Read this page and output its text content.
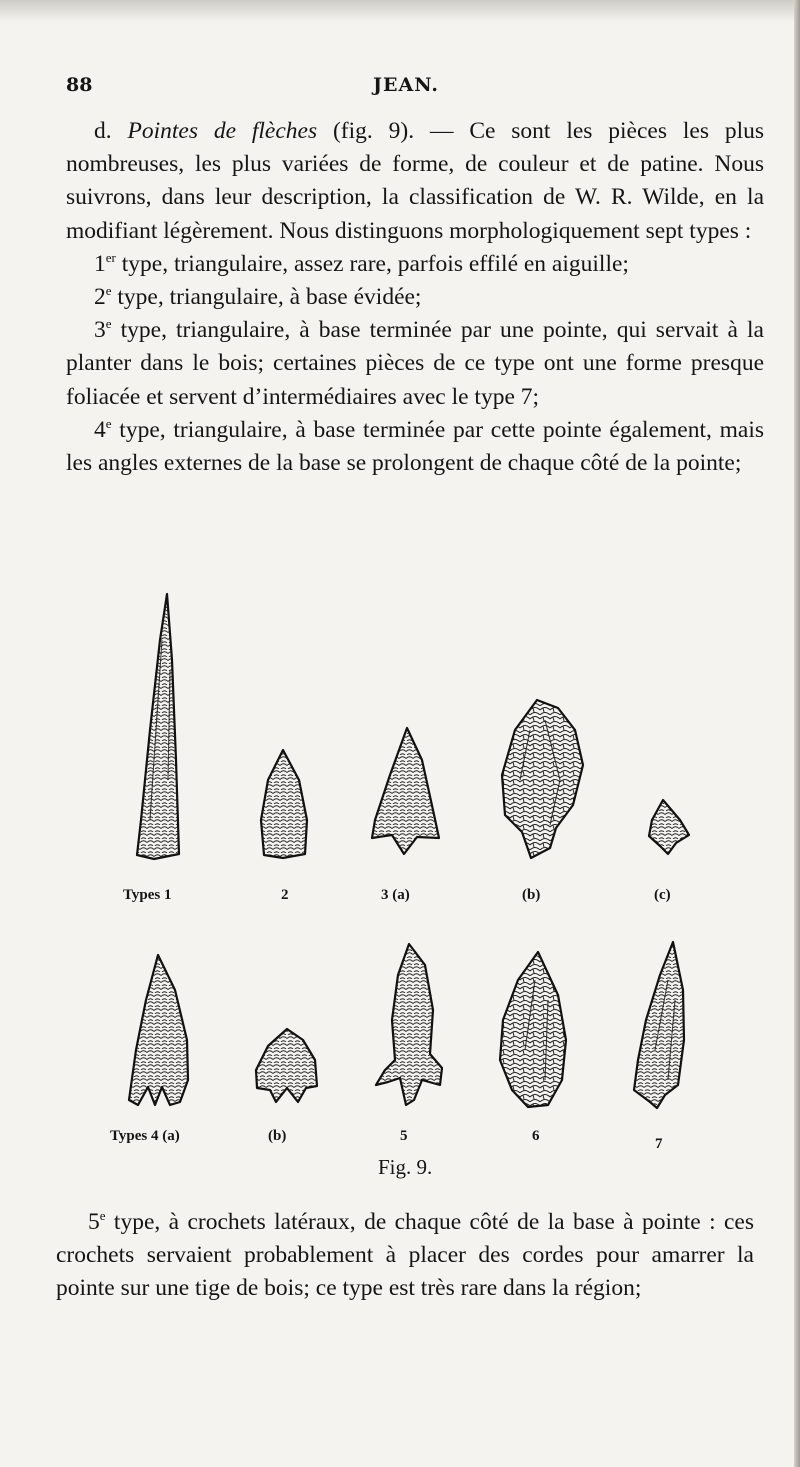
88	JEAN.

d. Pointes de flèches (fig. 9). — Ce sont les pièces les plus nombreuses, les plus variées de forme, de couleur et de patine. Nous suivrons, dans leur description, la classification de W. R. Wilde, en la modifiant légèrement. Nous distinguons morphologiquement sept types :

1er type, triangulaire, assez rare, parfois effilé en aiguille;

2e type, triangulaire, à base évidée;

3e type, triangulaire, à base terminée par une pointe, qui servait à la planter dans le bois; certaines pièces de ce type ont une forme presque foliacée et servent d’intermédiaires avec le type 7;

4e type, triangulaire, à base terminée par cette pointe également, mais les angles externes de la base se prolongent de chaque côté de la pointe;

Types 1	2	3 (a)	(b)	(c)
Types 4 (a)	(b)	5	6	7
Fig. 9.

5e type, à crochets latéraux, de chaque côté de la base à pointe : ces crochets servaient probablement à placer des cordes pour amarrer la pointe sur une tige de bois; ce type est très rare dans la région;
